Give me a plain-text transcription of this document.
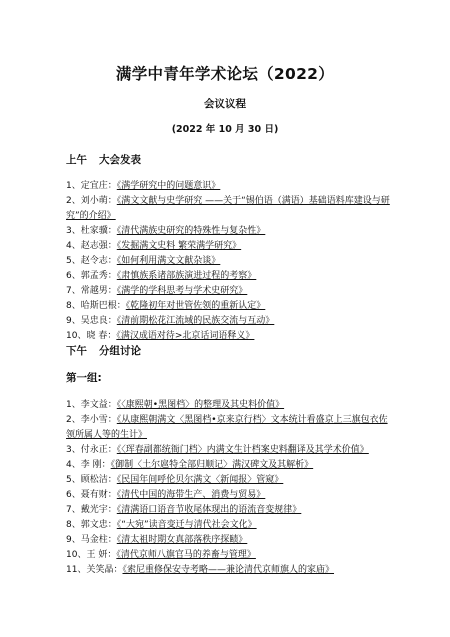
满学中青年学术论坛（2022）
会议议程
(2022 年 10 月 30 日)
上午 大会发表
1 、 定宜庄：《满学研究中的问题意识》
2 、 刘小萌：《满文文献与史学研究 ——关于“锡伯语（满语）基础语料库建设与研究”的介绍》
3 、 杜家骥：《清代满族史研究的特殊性与复杂性》
4 、 赵志强：《发掘满文史料 繁荣满学研究》
5 、 赵令志：《如何利用满文文献杂谈》
6 、 郭孟秀：《肃慎族系诸部族演进过程的考察》
7 、 常越男：《满学的学科思考与学术史研究》
8 、 哈斯巴根：《乾隆初年对世管佐领的重新认定》
9 、 吴忠良：《清前期松花江流域的民族交流与互动》
10 、 晓 春：《满汉成语对待>北京话词语释义》
下午 分组讨论
第一组:
1 、 李文益：《〈康熙朝•黑图档〉的整理及其史料价值》
2 、 李小雪：《从康熙朝满文〈黑图档•京来京行档〉文本统计看盛京上三旗包衣佐领所属人等的生计》
3 、 付永正：《〈珲春副都统衙门档〉内满文生计档案史料翻译及其学术价值》
4 、 李 刚：《御制〈土尔扈特全部归顺记〉满汉碑文及其解析》
5 、 顾松洁：《民国年间呼伦贝尔满文〈新闻报〉管窥》
6 、 聂有财：《清代中国的海带生产、消费与贸易》
7 、 戴光宇：《清满语口语音节收尾体现出的语流音变规律》
8 、 郭文忠：《“大宛”读音变迁与清代社会文化》
9 、 马金柱：《清太祖时期女真部落秩序探赜》
10 、 王 妍：《清代京师八旗官马的养畜与管理》
11 、 关笑晶：《索尼重修保安寺考略——兼论清代京师旗人的家庙》
